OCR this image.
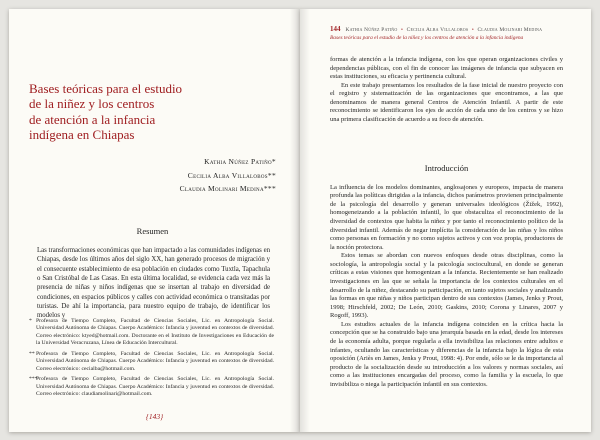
Bases teóricas para el estudio
de la niñez y los centros
de atención a la infancia
indígena en Chiapas
Kathia Núñez Patiño*
Cecilia Alba Villalobos**
Claudia Molinari Medina***
Resumen

Las transformaciones económicas que han impactado a las comunidades indígenas en Chiapas, desde los últimos años del siglo XX, han generado procesos de migración y el consecuente establecimiento de esa población en ciudades como Tuxtla, Tapachula o San Cristóbal de Las Casas. En esta última localidad, se evidencia cada vez más la presencia de niñas y niños indígenas que se insertan al trabajo en diversidad de condiciones, en espacios públicos y calles con actividad económica o transitadas por turistas. De ahí la importancia, para nuestro equipo de trabajo, de identificar los modelos y

* Profesora de Tiempo Completo, Facultad de Ciencias Sociales, Lic. en Antropología Social. Universidad Autónoma de Chiapas. Cuerpo Académico: Infancia y juventud en contextos de diversidad. Correo electrónico: ktyed@hotmail.com. Doctorante en el Instituto de Investigaciones en Educación de la Universidad Veracruzana, Línea de Educación Intercultural.
** Profesora de Tiempo Completo, Facultad de Ciencias Sociales, Lic. en Antropología Social. Universidad Autónoma de Chiapas. Cuerpo Académico: Infancia y juventud en contextos de diversidad. Correo electrónico: cecialba@hotmail.com.
***
Profesora de Tiempo Completo, Facultad de Ciencias Sociales, Lic. en Antropología Social. Universidad Autónoma de Chiapas. Cuerpo Académico: Infancia y juventud en contextos de diversidad. Correo electrónico: claudiamolinari@hotmail.com.
{143}
144 Kathia Núñez Patiño • Cecilia Alba Villalobos • Claudia Molinari Medina
Bases teóricas para el estudio de la niñez y los centros de atención a la infancia indígena

formas de atención a la infancia indígena, con los que operan organizaciones civiles y dependencias públicas, con el fin de conocer las imágenes de infancia que subyacen en estas instituciones, su eficacia y pertinencia cultural.

En este trabajo presentamos los resultados de la fase inicial de nuestro proyecto con el registro y sistematización de las organizaciones que encontramos, a las que denominamos de manera general Centros de Atención Infantil. A partir de este reconocimiento se identificaron los ejes de acción de cada uno de los centros y se hizo una primera clasificación de acuerdo a su foco de atención.

Introducción

La influencia de los modelos dominantes, anglosajones y europeos, impacta de manera profunda las políticas dirigidas a la infancia, dichos parámetros provienen principalmente de la psicología del desarrollo y generan universales ideológicos (Žižek, 1992), homogeneizando a la población infantil, lo que obstaculiza el reconocimiento de la diversidad de contextos que habita la niñez y por tanto el reconocimiento político de la diversidad infantil. Además de negar implícita la consideración de las niñas y los niños como personas en formación y no como sujetos activos y con voz propia, productores de la noción protectora.

Estos temas se abordan con nuevos enfoques desde otras disciplinas, como la sociología, la antropología social y la psicología sociocultural, en donde se generan críticas a estas visiones que homogenizan a la infancia. Recientemente se han realizado investigaciones en las que se señala la importancia de los contextos culturales en el desarrollo de la niñez, destacando su participación, en tanto sujetos sociales y analizando las formas en que niñas y niños participan dentro de sus contextos (James, Jenks y Prout, 1998; Hirschfeld, 2002; De León, 2010; Gaskins, 2010; Corona y Linares, 2007 y Rogoff, 1993).

Los estudios actuales de la infancia indígena coinciden en la crítica hacia la concepción que se ha construido bajo una jerarquía basada en la edad, desde los intereses de la economía adulta, porque regularla a ella invisibiliza las relaciones entre adultos e infantes, ocultando las características y diferencias de la infancia bajo la lógica de esta oposición (Ariès en James, Jenks y Prout, 1998: 4). Por ende, sólo se le da importancia al producto de la socialización desde su introducción a los valores y normas sociales, así como a las instituciones encargadas del proceso, como la familia y la escuela, lo que invisibiliza o niega la participación infantil en sus contextos.
